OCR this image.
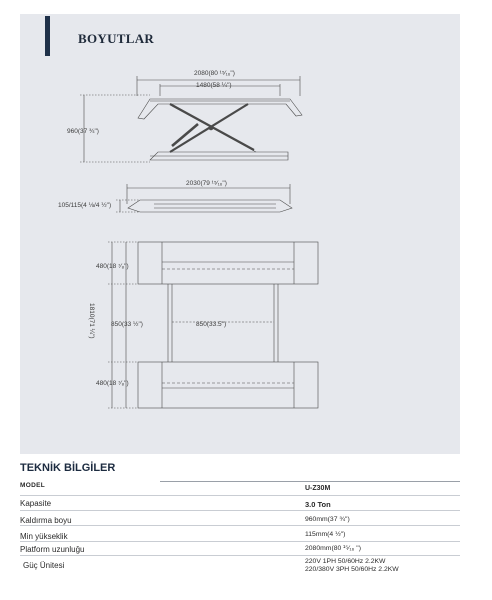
BOYUTLAR
2080(80 ¹⁵⁄₁₆")
1480(58 ¼")
960(37 ¾")
2030(79 ¹⁵⁄₁₆")
105/115(4 ⅛/4 ½")
480(18 ⁷⁄₈")
850(33 ½")	850(33.5")
480(18 ⁷⁄₈")
1810(71 ¼")
TEKNİK BİLGİLER
MODEL	U-Z30M
Kapasite	3.0 Ton
Kaldırma boyu	960mm(37 ¾")
Min yükseklik	115mm(4 ½")
Platform uzunluğu	2080mm(80 ¹⁵⁄₁₆ ")
Güç Ünitesi	220V 1PH 50/60Hz 2.2KW
220/380V 3PH 50/60Hz 2.2KW
